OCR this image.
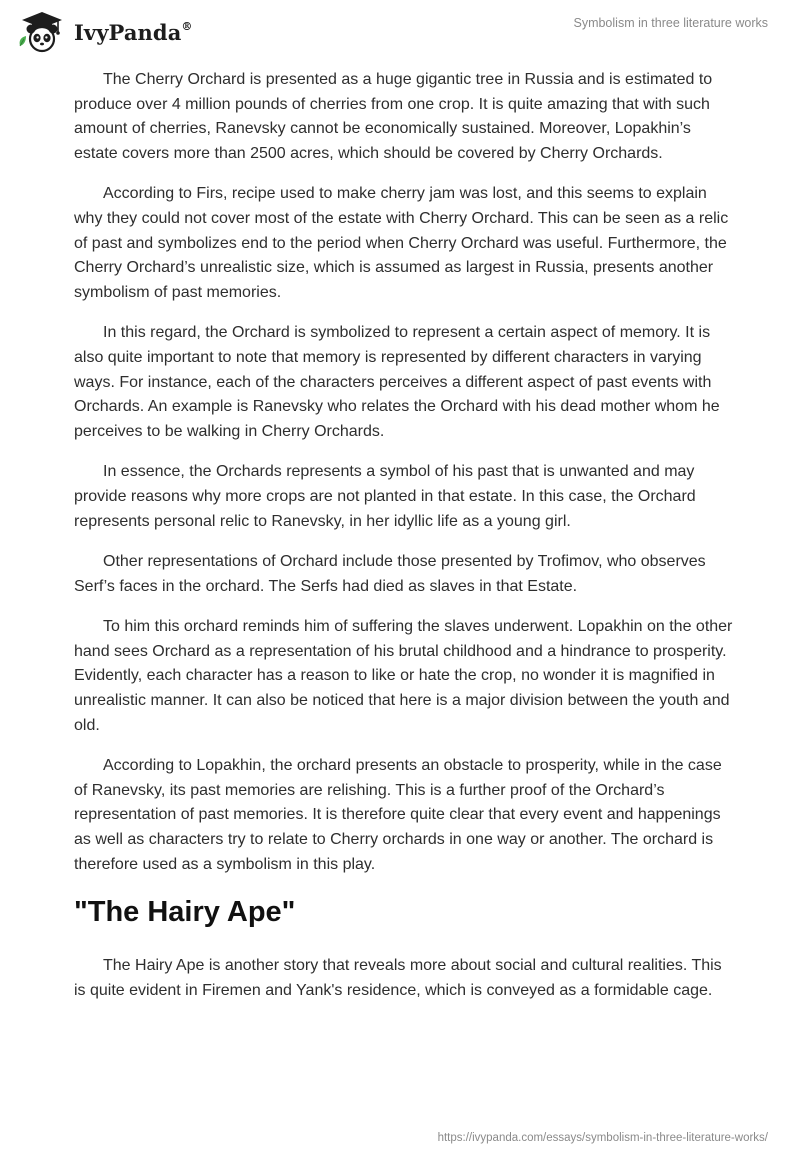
IvyPanda®	Symbolism in three literature works

The Cherry Orchard is presented as a huge gigantic tree in Russia and is estimated to produce over 4 million pounds of cherries from one crop. It is quite amazing that with such amount of cherries, Ranevsky cannot be economically sustained. Moreover, Lopakhin’s estate covers more than 2500 acres, which should be covered by Cherry Orchards.

According to Firs, recipe used to make cherry jam was lost, and this seems to explain why they could not cover most of the estate with Cherry Orchard. This can be seen as a relic of past and symbolizes end to the period when Cherry Orchard was useful. Furthermore, the Cherry Orchard’s unrealistic size, which is assumed as largest in Russia, presents another symbolism of past memories.

In this regard, the Orchard is symbolized to represent a certain aspect of memory. It is also quite important to note that memory is represented by different characters in varying ways. For instance, each of the characters perceives a different aspect of past events with Orchards. An example is Ranevsky who relates the Orchard with his dead mother whom he perceives to be walking in Cherry Orchards.

In essence, the Orchards represents a symbol of his past that is unwanted and may provide reasons why more crops are not planted in that estate. In this case, the Orchard represents personal relic to Ranevsky, in her idyllic life as a young girl.

Other representations of Orchard include those presented by Trofimov, who observes Serf’s faces in the orchard. The Serfs had died as slaves in that Estate.

To him this orchard reminds him of suffering the slaves underwent. Lopakhin on the other hand sees Orchard as a representation of his brutal childhood and a hindrance to prosperity. Evidently, each character has a reason to like or hate the crop, no wonder it is magnified in unrealistic manner. It can also be noticed that here is a major division between the youth and old.

According to Lopakhin, the orchard presents an obstacle to prosperity, while in the case of Ranevsky, its past memories are relishing. This is a further proof of the Orchard’s representation of past memories. It is therefore quite clear that every event and happenings as well as characters try to relate to Cherry orchards in one way or another. The orchard is therefore used as a symbolism in this play.

"The Hairy Ape"

The Hairy Ape is another story that reveals more about social and cultural realities. This is quite evident in Firemen and Yank's residence, which is conveyed as a formidable cage.

https://ivypanda.com/essays/symbolism-in-three-literature-works/
